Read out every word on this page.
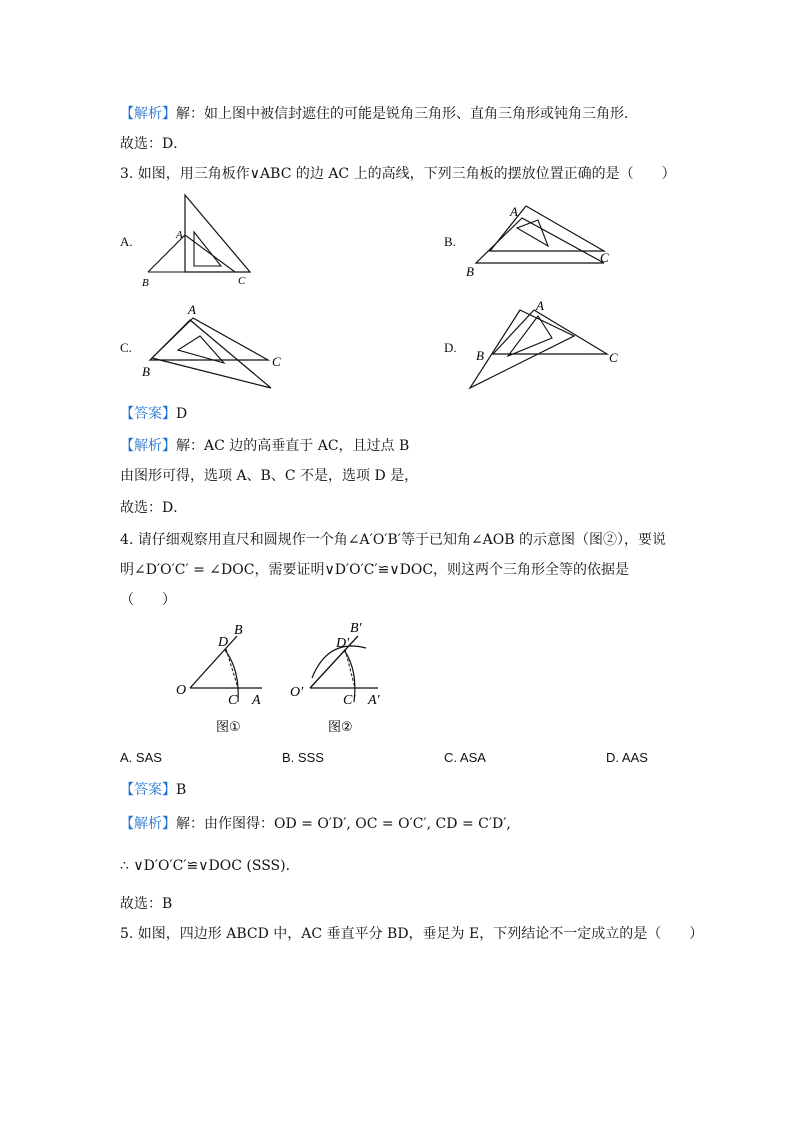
【解析】解：如上图中被信封遮住的可能是锐角三角形、直角三角形或钝角三角形．
故选：D．
3. 如图，用三角板作∨ABC 的边 AC 上的高线，下列三角板的摆放位置正确的是（　　）
A.	B.
C.	D.
A
B	C
A
B
C
A
B
C
A
B	C
【答案】D
【解析】解：AC 边的高垂直于 AC，且过点 B
由图形可得，选项 A、B、C 不是，选项 D 是，
故选：D．
4. 请仔细观察用直尺和圆规作一个角∠A′O′B′等于已知角∠AOB 的示意图（图②），要说
明∠D′O′C′ = ∠DOC，需要证明∨D′O′C′≌∨DOC，则这两个三角形全等的依据是
（　　）
O
A
B
C
D
图①
O′
A′
B′
C′
D′
图②
A. SAS	B. SSS	C. ASA	D. AAS
【答案】B
【解析】解：由作图得：OD = O′D′, OC = O′C′, CD = C′D′,
∴ ∨D′O′C′≌∨DOC (SSS)．
故选：B
5. 如图，四边形 ABCD 中，AC 垂直平分 BD，垂足为 E，下列结论不一定成立的是（　　）
